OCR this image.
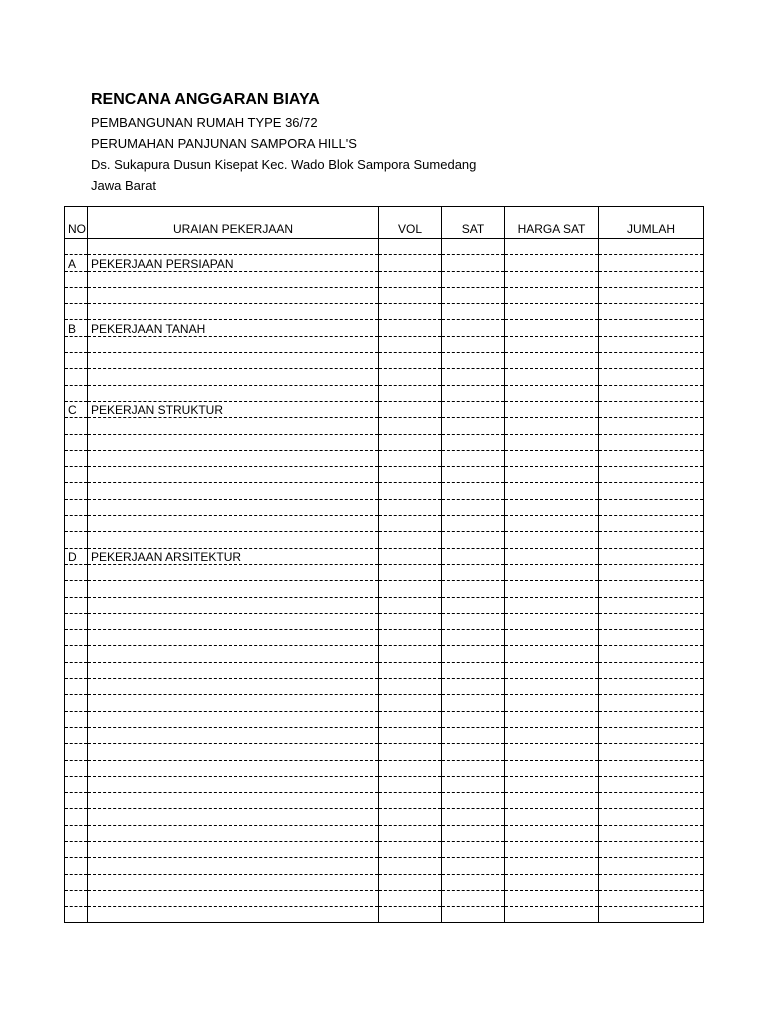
RENCANA ANGGARAN BIAYA
PEMBANGUNAN RUMAH TYPE 36/72
PERUMAHAN PANJUNAN SAMPORA HILL'S
Ds. Sukapura Dusun Kisepat Kec. Wado Blok Sampora Sumedang
Jawa Barat
NO	URAIAN PEKERJAAN	VOL	SAT	HARGA SAT	JUMLAH

A	PEKERJAAN PERSIAPAN				

B	PEKERJAAN TANAH				

C	PEKERJAN STRUKTUR				

D	PEKERJAAN ARSITEKTUR				
